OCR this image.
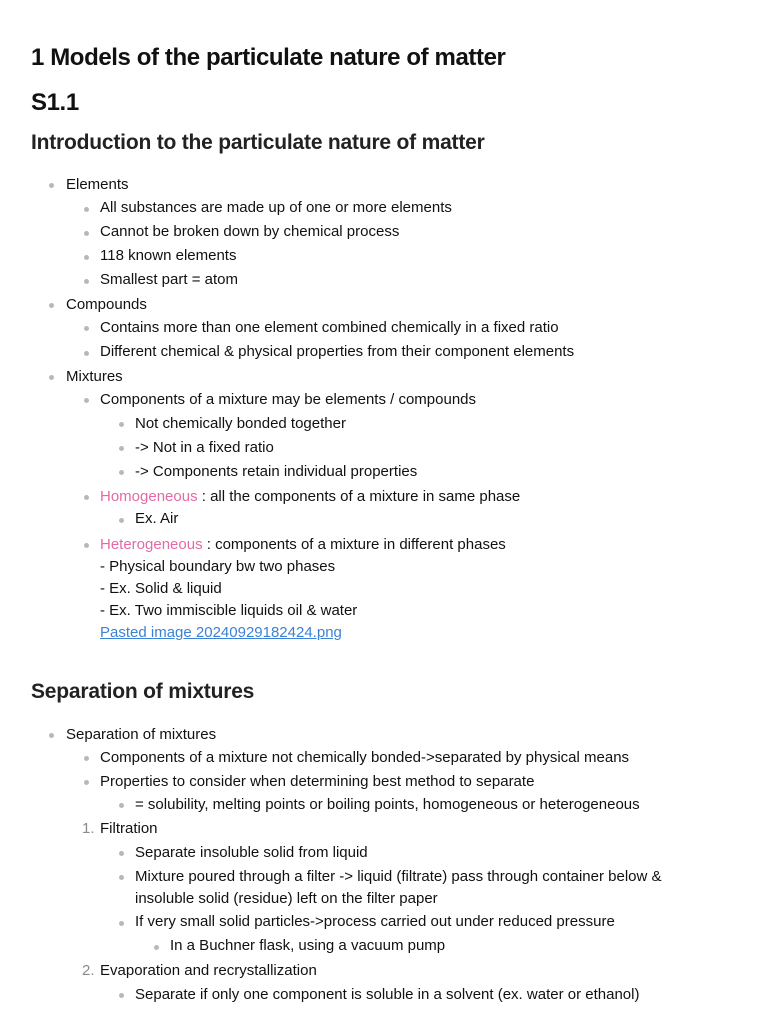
1 Models of the particulate nature of matter
S1.1
Introduction to the particulate nature of matter
Elements
All substances are made up of one or more elements
Cannot be broken down by chemical process
118 known elements
Smallest part = atom
Compounds
Contains more than one element combined chemically in a fixed ratio
Different chemical & physical properties from their component elements
Mixtures
Components of a mixture may be elements / compounds
Not chemically bonded together
-> Not in a fixed ratio
-> Components retain individual properties
Homogeneous : all the components of a mixture in same phase
Ex. Air
Heterogeneous : components of a mixture in different phases
- Physical boundary bw two phases
- Ex. Solid & liquid
- Ex. Two immiscible liquids oil & water
Pasted image 20240929182424.png
Separation of mixtures
Separation of mixtures
Components of a mixture not chemically bonded->separated by physical means
Properties to consider when determining best method to separate
= solubility, melting points or boiling points, homogeneous or heterogeneous
1. Filtration
Separate insoluble solid from liquid
Mixture poured through a filter -> liquid (filtrate) pass through container below &
insoluble solid (residue) left on the filter paper
If very small solid particles->process carried out under reduced pressure
In a Buchner flask, using a vacuum pump
2. Evaporation and recrystallization
Separate if only one component is soluble in a solvent (ex. water or ethanol)
